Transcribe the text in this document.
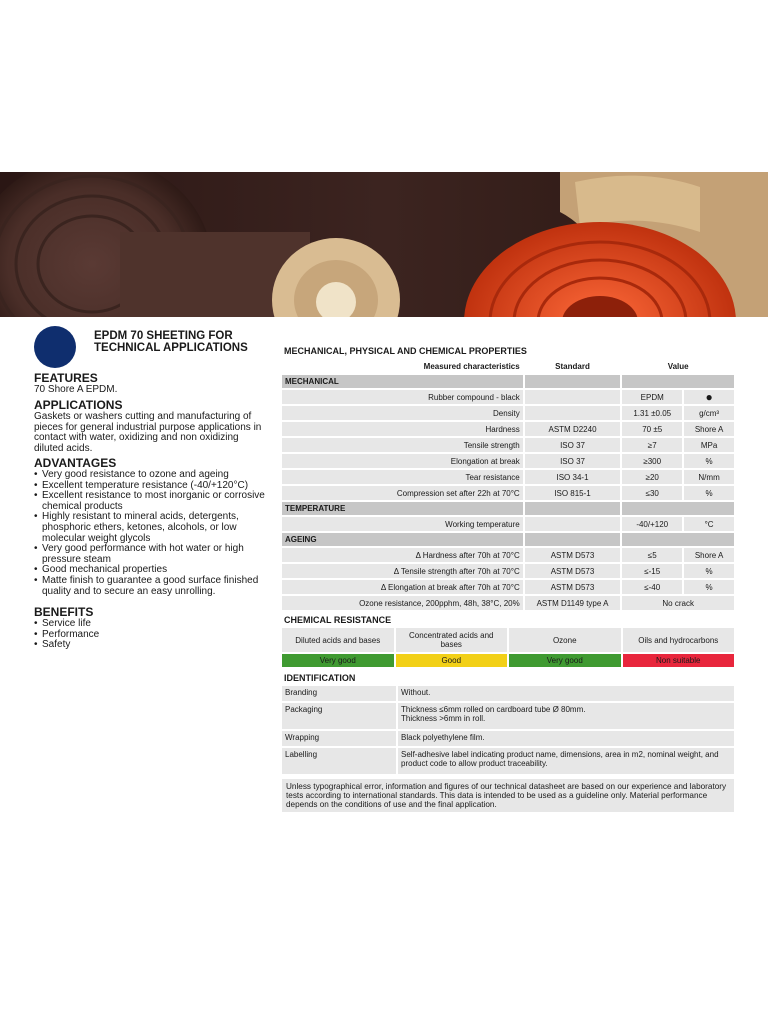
EPDM 70 SHEETING FOR TECHNICAL APPLICATIONS

FEATURES

70 Shore A EPDM.

APPLICATIONS

Gaskets or washers cutting and manufacturing of pieces for general industrial purpose applications in contact with water, oxidizing and non oxidizing diluted acids.

ADVANTAGES

• Very good resistance to ozone and ageing
• Excellent temperature resistance (-40/+120°C)
• Excellent resistance to most inorganic or corrosive chemical products
• Highly resistant to mineral acids, detergents, phosphoric ethers, ketones, alcohols, or low molecular weight glycols
• Very good performance with hot water or high pressure steam
• Good mechanical properties
• Matte finish to guarantee a good surface finished quality and to secure an easy unrolling.

BENEFITS

• Service life
• Performance
• Safety
MECHANICAL, PHYSICAL AND CHEMICAL PROPERTIES
Measured characteristics	Standard	Value	
MECHANICAL			
Rubber compound - black		EPDM	●
Density		1.31 ±0.05	g/cm³
Hardness	ASTM D2240	70 ±5	Shore A
Tensile strength	ISO 37	≥7	MPa
Elongation at break	ISO 37	≥300	%
Tear resistance	ISO 34-1	≥20	N/mm
Compression set after 22h at 70°C	ISO 815-1	≤30	%
TEMPERATURE			
Working temperature		-40/+120	°C
AGEING			
Δ Hardness after 70h at 70°C	ASTM D573	≤5	Shore A
Δ Tensile strength after 70h at 70°C	ASTM D573	≤-15	%
Δ Elongation at break after 70h at 70°C	ASTM D573	≤-40	%
Ozone resistance, 200pphm, 48h, 38°C, 20%	ASTM D1149 type A	No crack	
CHEMICAL RESISTANCE
Diluted acids and bases	Concentrated acids and bases	Ozone	Oils and hydrocarbons
Very good	Good	Very good	Non suitable
IDENTIFICATION
Branding	Without.
Packaging	Thickness ≤6mm rolled on cardboard tube Ø 80mm.
Thickness >6mm in roll.

Wrapping	Black polyethylene film.
Labelling	Self-adhesive label indicating product name, dimensions, area in m2, nominal weight, and product code to allow product traceability.
Unless typographical error, information and figures of our technical datasheet are based on our experience and laboratory tests according to international standards. This data is intended to be used as a guideline only. Material performance depends on the conditions of use and the final application.
